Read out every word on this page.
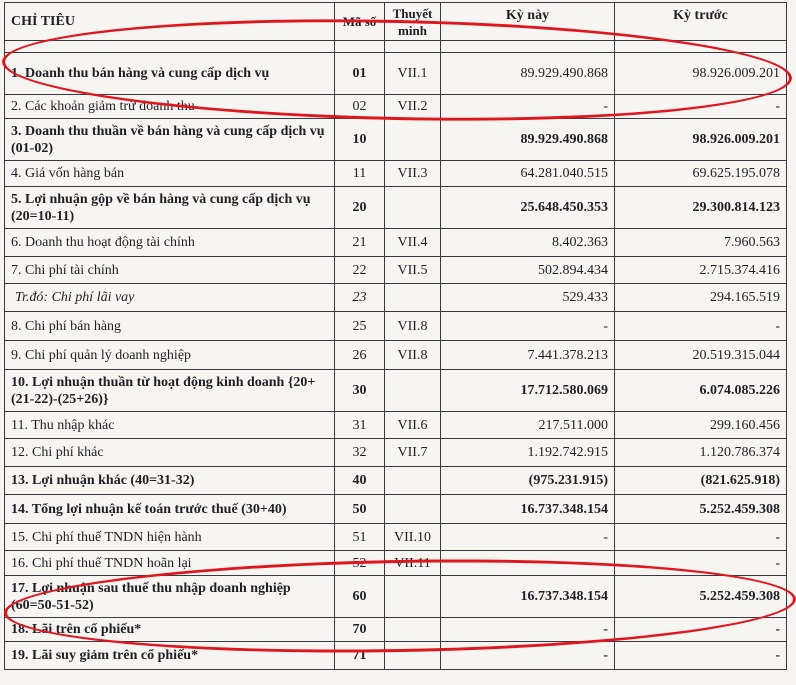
CHỈ TIÊU	Mã số	Thuyết minh	Kỳ này	Kỳ trước

1. Doanh thu bán hàng và cung cấp dịch vụ	01	VII.1	89.929.490.868	98.926.009.201
2. Các khoản giảm trừ doanh thu	02	VII.2	-	-
3. Doanh thu thuần về bán hàng và cung cấp dịch vụ (01-02)	10		89.929.490.868	98.926.009.201
4. Giá vốn hàng bán	11	VII.3	64.281.040.515	69.625.195.078
5. Lợi nhuận gộp về bán hàng và cung cấp dịch vụ (20=10-11)	20		25.648.450.353	29.300.814.123
6. Doanh thu hoạt động tài chính	21	VII.4	8.402.363	7.960.563
7. Chi phí tài chính	22	VII.5	502.894.434	2.715.374.416
Tr.đó: Chi phí lãi vay	23		529.433	294.165.519
8. Chi phí bán hàng	25	VII.8	-	-
9. Chi phí quản lý doanh nghiệp	26	VII.8	7.441.378.213	20.519.315.044
10. Lợi nhuận thuần từ hoạt động kinh doanh {20+(21-22)-(25+26)}	30		17.712.580.069	6.074.085.226
11. Thu nhập khác	31	VII.6	217.511.000	299.160.456
12. Chi phí khác	32	VII.7	1.192.742.915	1.120.786.374
13. Lợi nhuận khác (40=31-32)	40		(975.231.915)	(821.625.918)
14. Tổng lợi nhuận kế toán trước thuế (30+40)	50		16.737.348.154	5.252.459.308
15. Chi phí thuế TNDN hiện hành	51	VII.10	-	-
16. Chi phí thuế TNDN hoãn lại	52	VII.11	-	-
17. Lợi nhuận sau thuế thu nhập doanh nghiệp (60=50-51-52)	60		16.737.348.154	5.252.459.308
18. Lãi trên cổ phiếu*	70		-	-
19. Lãi suy giảm trên cổ phiếu*	71		-	-
